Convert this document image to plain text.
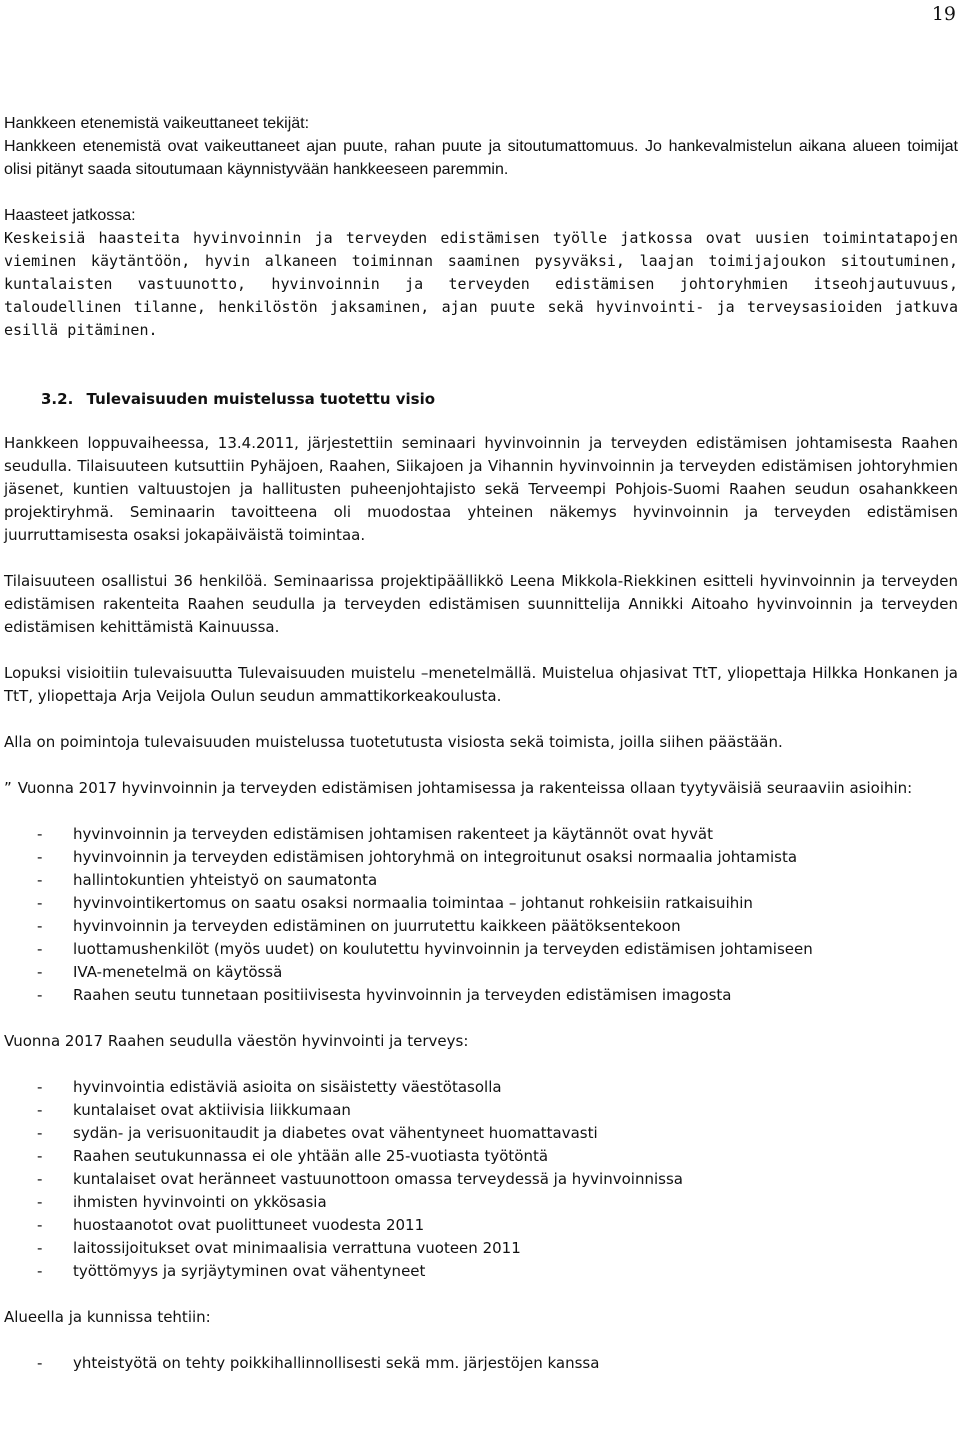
19
Hankkeen etenemistä vaikeuttaneet tekijät:

Hankkeen etenemistä ovat vaikeuttaneet ajan puute, rahan puute ja sitoutumattomuus. Jo hankevalmistelun aikana alueen toimijat olisi pitänyt saada sitoutumaan käynnistyvään hankkeeseen paremmin.

Haasteet jatkossa:

Keskeisiä haasteita hyvinvoinnin ja terveyden edistämisen työlle jatkossa ovat uusien toimintatapojen vieminen käytäntöön, hyvin alkaneen toiminnan saaminen pysyväksi, laajan toimijajoukon sitoutuminen, kuntalaisten vastuunotto, hyvinvoinnin ja terveyden edistämisen johtoryhmien itseohjautuvuus, taloudellinen tilanne, henkilöstön jaksaminen, ajan puute sekä hyvinvointi- ja terveysasioiden jatkuva esillä pitäminen.

3.2. Tulevaisuuden muistelussa tuotettu visio

Hankkeen loppuvaiheessa, 13.4.2011, järjestettiin seminaari hyvinvoinnin ja terveyden edistämisen johtamisesta Raahen seudulla. Tilaisuuteen kutsuttiin Pyhäjoen, Raahen, Siikajoen ja Vihannin hyvinvoinnin ja terveyden edistämisen johtoryhmien jäsenet, kuntien valtuustojen ja hallitusten puheenjohtajisto sekä Terveempi Pohjois-Suomi Raahen seudun osahankkeen projektiryhmä. Seminaarin tavoitteena oli muodostaa yhteinen näkemys hyvinvoinnin ja terveyden edistämisen juurruttamisesta osaksi jokapäiväistä toimintaa.

Tilaisuuteen osallistui 36 henkilöä. Seminaarissa projektipäällikkö Leena Mikkola-Riekkinen esitteli hyvinvoinnin ja terveyden edistämisen rakenteita Raahen seudulla ja terveyden edistämisen suunnittelija Annikki Aitoaho hyvinvoinnin ja terveyden edistämisen kehittämistä Kainuussa.

Lopuksi visioitiin tulevaisuutta Tulevaisuuden muistelu –menetelmällä. Muistelua ohjasivat TtT, yliopettaja Hilkka Honkanen ja TtT, yliopettaja Arja Veijola Oulun seudun ammattikorkeakoulusta.

Alla on poimintoja tulevaisuuden muistelussa tuotetutusta visiosta sekä toimista, joilla siihen päästään.

” Vuonna 2017 hyvinvoinnin ja terveyden edistämisen johtamisessa ja rakenteissa ollaan tyytyväisiä seuraaviin asioihin:

- hyvinvoinnin ja terveyden edistämisen johtamisen rakenteet ja käytännöt ovat hyvät
- hyvinvoinnin ja terveyden edistämisen johtoryhmä on integroitunut osaksi normaalia johtamista
- hallintokuntien yhteistyö on saumatonta
- hyvinvointikertomus on saatu osaksi normaalia toimintaa – johtanut rohkeisiin ratkaisuihin
- hyvinvoinnin ja terveyden edistäminen on juurrutettu kaikkeen päätöksentekoon
- luottamushenkilöt (myös uudet) on koulutettu hyvinvoinnin ja terveyden edistämisen johtamiseen
- IVA-menetelmä on käytössä
- Raahen seutu tunnetaan positiivisesta hyvinvoinnin ja terveyden edistämisen imagosta
Vuonna 2017 Raahen seudulla väestön hyvinvointi ja terveys:
- hyvinvointia edistäviä asioita on sisäistetty väestötasolla
- kuntalaiset ovat aktiivisia liikkumaan
- sydän- ja verisuonitaudit ja diabetes ovat vähentyneet huomattavasti
- Raahen seutukunnassa ei ole yhtään alle 25-vuotiasta työtöntä
- kuntalaiset ovat heränneet vastuunottoon omassa terveydessä ja hyvinvoinnissa
- ihmisten hyvinvointi on ykkösasia
- huostaanotot ovat puolittuneet vuodesta 2011
- laitossijoitukset ovat minimaalisia verrattuna vuoteen 2011
- työttömyys ja syrjäytyminen ovat vähentyneet
Alueella ja kunnissa tehtiin:
- yhteistyötä on tehty poikkihallinnollisesti sekä mm. järjestöjen kanssa
